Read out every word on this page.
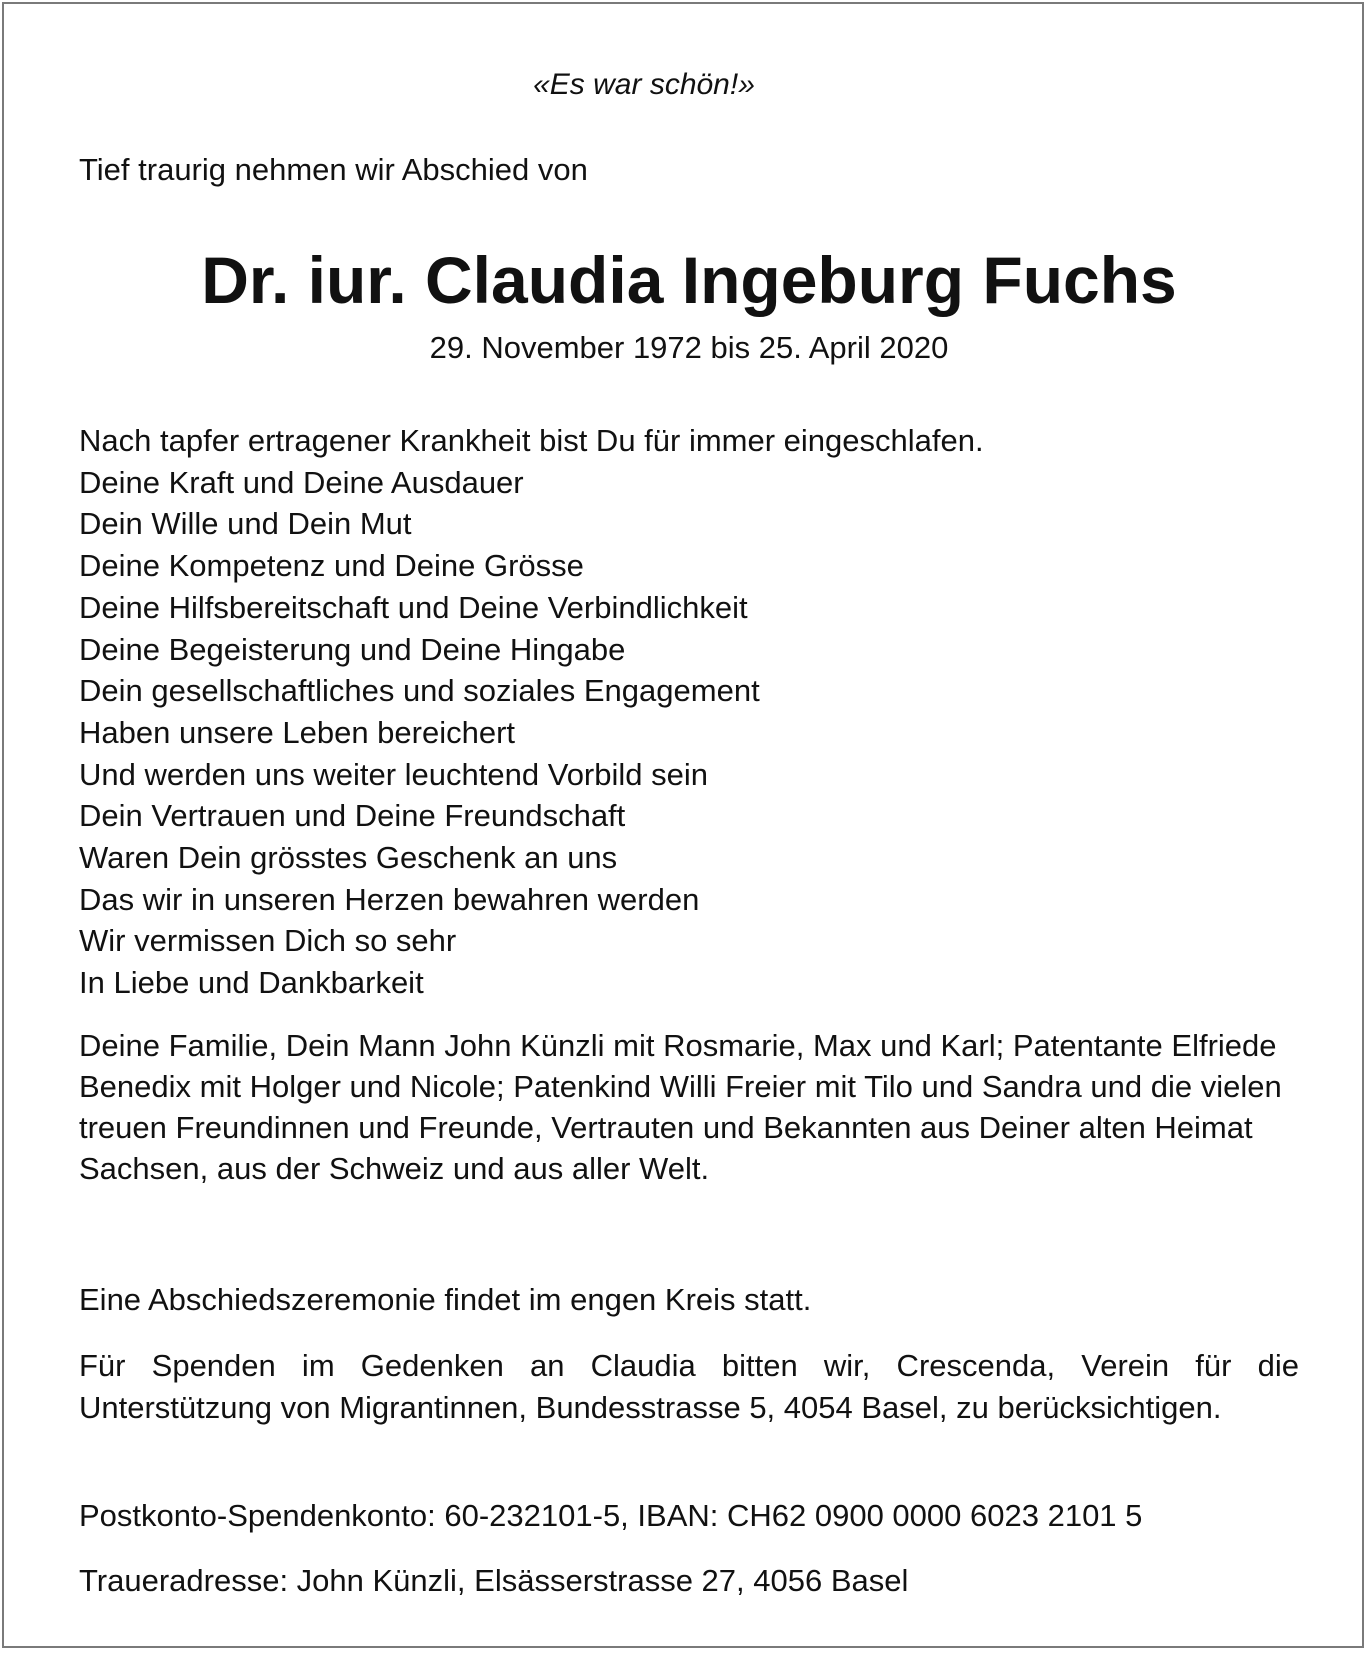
«Es war schön!»
Tief traurig nehmen wir Abschied von
Dr. iur. Claudia Ingeburg Fuchs
29. November 1972 bis 25. April 2020
Nach tapfer ertragener Krankheit bist Du für immer eingeschlafen.
Deine Kraft und Deine Ausdauer
Dein Wille und Dein Mut
Deine Kompetenz und Deine Grösse
Deine Hilfsbereitschaft und Deine Verbindlichkeit
Deine Begeisterung und Deine Hingabe
Dein gesellschaftliches und soziales Engagement
Haben unsere Leben bereichert
Und werden uns weiter leuchtend Vorbild sein
Dein Vertrauen und Deine Freundschaft
Waren Dein grösstes Geschenk an uns
Das wir in unseren Herzen bewahren werden
Wir vermissen Dich so sehr
In Liebe und Dankbarkeit
Deine Familie, Dein Mann John Künzli mit Rosmarie, Max und Karl; Patentante Elfriede Benedix mit Holger und Nicole; Patenkind Willi Freier mit Tilo und Sandra und die vielen treuen Freundinnen und Freunde, Vertrauten und Bekannten aus Deiner alten Heimat Sachsen, aus der Schweiz und aus aller Welt.
Eine Abschiedszeremonie findet im engen Kreis statt.
Für Spenden im Gedenken an Claudia bitten wir, Crescenda, Verein für die Unterstützung von Migrantinnen, Bundesstrasse 5, 4054 Basel, zu berücksichtigen.
Postkonto-Spendenkonto: 60-232101-5, IBAN: CH62 0900 0000 6023 2101 5
Traueradresse: John Künzli, Elsässerstrasse 27, 4056 Basel
